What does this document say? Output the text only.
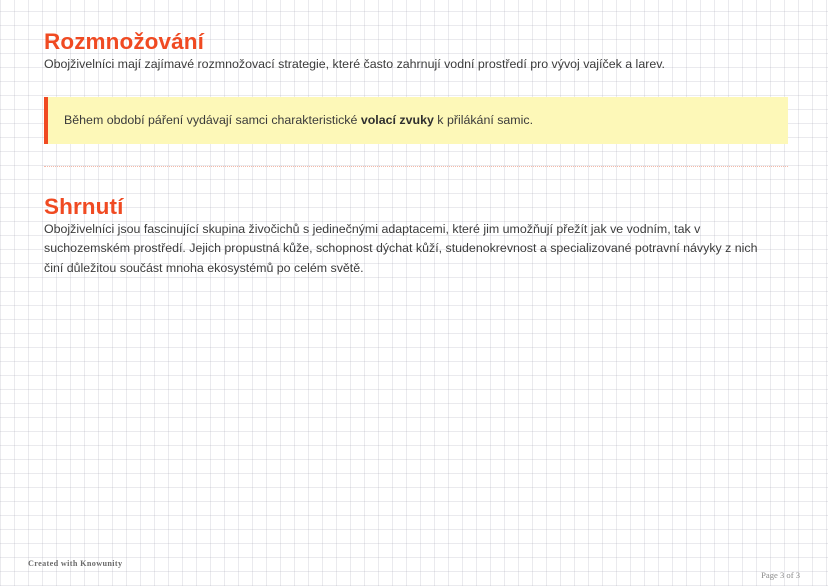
Rozmnožování

Obojživelníci mají zajímavé rozmnožovací strategie, které často zahrnují vodní prostředí pro vývoj vajíček a larev.

Během období páření vydávají samci charakteristické volací zvuky k přilákání samic.
Shrnutí

Obojživelníci jsou fascinující skupina živočichů s jedinečnými adaptacemi, které jim umožňují přežít jak ve vodním, tak v suchozemském prostředí. Jejich propustná kůže, schopnost dýchat kůží, studenokrevnost a specializované potravní návyky z nich činí důležitou součást mnoha ekosystémů po celém světě.

Created with Knowunity
Page 3 of 3
